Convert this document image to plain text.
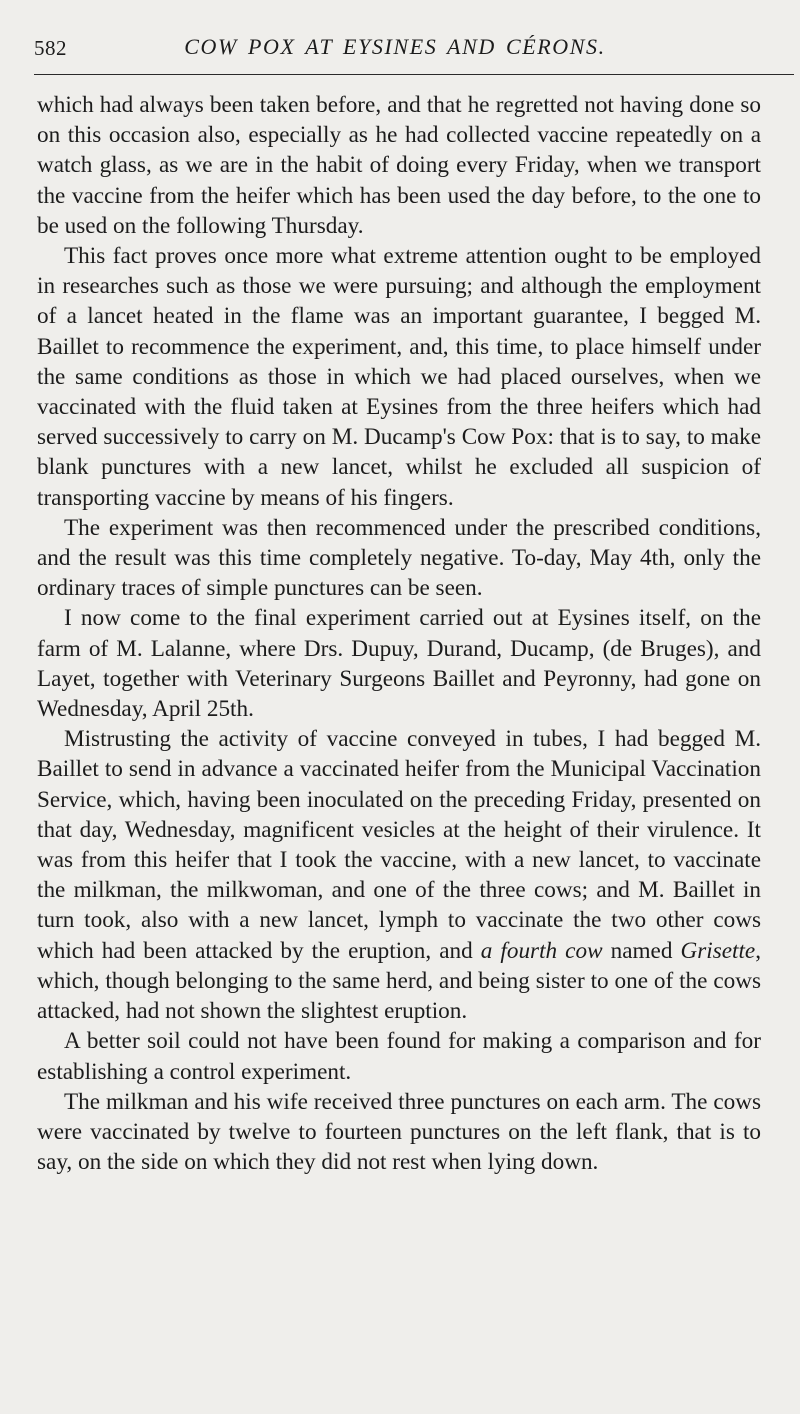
582	COW POX AT EYSINES AND CÉRONS.

which had always been taken before, and that he regretted not having done so on this occasion also, especially as he had collected vaccine repeatedly on a watch glass, as we are in the habit of doing every Friday, when we transport the vaccine from the heifer which has been used the day before, to the one to be used on the following Thursday.

This fact proves once more what extreme attention ought to be employed in researches such as those we were pursuing; and although the employment of a lancet heated in the flame was an important guarantee, I begged M. Baillet to recommence the experiment, and, this time, to place himself under the same conditions as those in which we had placed ourselves, when we vaccinated with the fluid taken at Eysines from the three heifers which had served successively to carry on M. Ducamp's Cow Pox: that is to say, to make blank punctures with a new lancet, whilst he excluded all suspicion of transporting vaccine by means of his fingers.

The experiment was then recommenced under the prescribed conditions, and the result was this time completely negative. To-day, May 4th, only the ordinary traces of simple punctures can be seen.

I now come to the final experiment carried out at Eysines itself, on the farm of M. Lalanne, where Drs. Dupuy, Durand, Ducamp, (de Bruges), and Layet, together with Veterinary Surgeons Baillet and Peyronny, had gone on Wednesday, April 25th.

Mistrusting the activity of vaccine conveyed in tubes, I had begged M. Baillet to send in advance a vaccinated heifer from the Municipal Vaccination Service, which, having been inoculated on the preceding Friday, presented on that day, Wednesday, magnificent vesicles at the height of their virulence. It was from this heifer that I took the vaccine, with a new lancet, to vaccinate the milkman, the milkwoman, and one of the three cows; and M. Baillet in turn took, also with a new lancet, lymph to vaccinate the two other cows which had been attacked by the eruption, and a fourth cow named Grisette, which, though belonging to the same herd, and being sister to one of the cows attacked, had not shown the slightest eruption.

A better soil could not have been found for making a comparison and for establishing a control experiment.

The milkman and his wife received three punctures on each arm. The cows were vaccinated by twelve to fourteen punctures on the left flank, that is to say, on the side on which they did not rest when lying down.
